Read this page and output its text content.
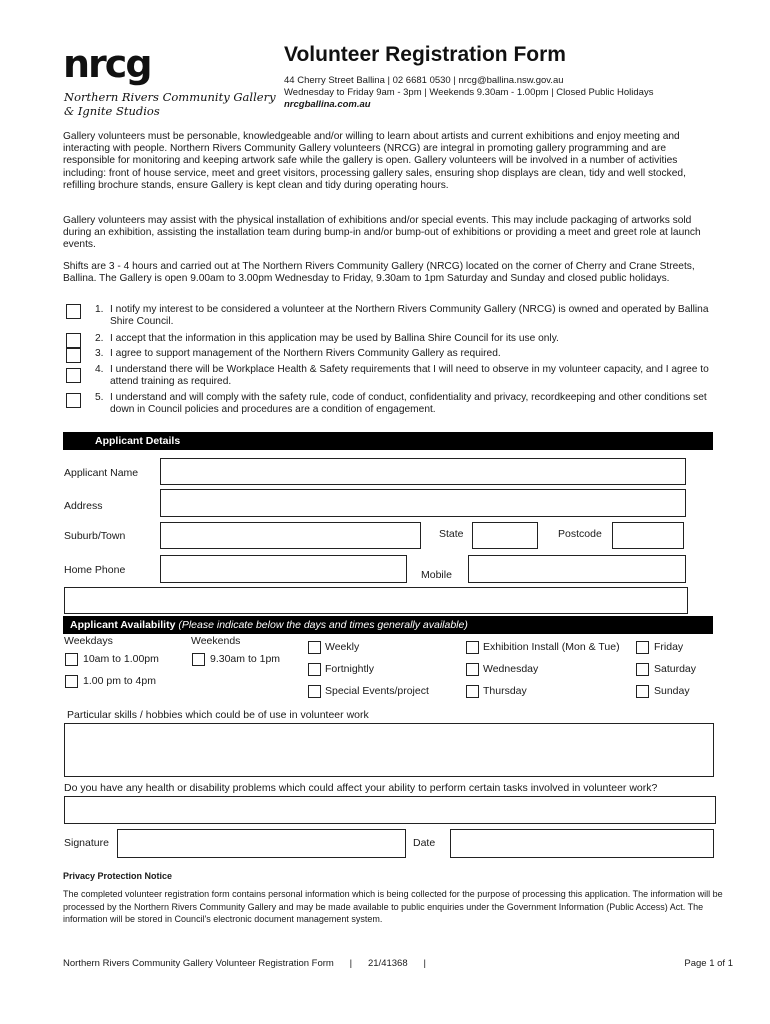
nrcg
Northern Rivers Community Gallery
& Ignite Studios
Volunteer Registration Form
44 Cherry Street Ballina | 02 6681 0530 | nrcg@ballina.nsw.gov.au
Wednesday to Friday 9am - 3pm | Weekends 9.30am - 1.00pm | Closed Public Holidays
nrcgballina.com.au
Gallery volunteers must be personable, knowledgeable and/or willing to learn about artists and current exhibitions and enjoy meeting and interacting with people. Northern Rivers Community Gallery volunteers (NRCG) are integral in promoting gallery programming and are responsible for monitoring and keeping artwork safe while the gallery is open. Gallery volunteers will be involved in a number of activities including: front of house service, meet and greet visitors, processing gallery sales, ensuring shop displays are clean, tidy and well stocked, refilling brochure stands, ensure Gallery is kept clean and tidy during operating hours.
Gallery volunteers may assist with the physical installation of exhibitions and/or special events. This may include packaging of artworks sold during an exhibition, assisting the installation team during bump-in and/or bump-out of exhibitions or providing a meet and greet role at launch events.
Shifts are 3 - 4 hours and carried out at The Northern Rivers Community Gallery (NRCG) located on the corner of Cherry and Crane Streets, Ballina. The Gallery is open 9.00am to 3.00pm Wednesday to Friday, 9.30am to 1pm Saturday and Sunday and closed public holidays.
1. I notify my interest to be considered a volunteer at the Northern Rivers Community Gallery (NRCG) is owned and operated by Ballina Shire Council.
2. I accept that the information in this application may be used by Ballina Shire Council for its use only.
3. I agree to support management of the Northern Rivers Community Gallery as required.
4. I understand there will be Workplace Health & Safety requirements that I will need to observe in my volunteer capacity, and I agree to attend training as required.
5. I understand and will comply with the safety rule, code of conduct, confidentiality and privacy, recordkeeping and other conditions set down in Council policies and procedures are a condition of engagement.
Applicant Details
Applicant Name
Address
Suburb/Town	State	Postcode
Home Phone	Mobile
Applicant Availability (Please indicate below the days and times generally available)
Weekdays	Weekends
10am to 1.00pm
1.00 pm to 4pm
9.30am to 1pm
Weekly
Fortnightly
Special Events/project
Exhibition Install (Mon & Tue)
Wednesday
Thursday
Friday
Saturday
Sunday
Particular skills / hobbies which could be of use in volunteer work
Do you have any health or disability problems which could affect your ability to perform certain tasks involved in volunteer work?
Signature	Date
Privacy Protection Notice
The completed volunteer registration form contains personal information which is being collected for the purpose of processing this application. The information will be processed by the Northern Rivers Community Gallery and may be made available to public enquiries under the Government Information (Public Access) Act. The information will be stored in Council's electronic document management system.
Northern Rivers Community Gallery Volunteer Registration Form      |      21/41368      |	Page 1 of 1
